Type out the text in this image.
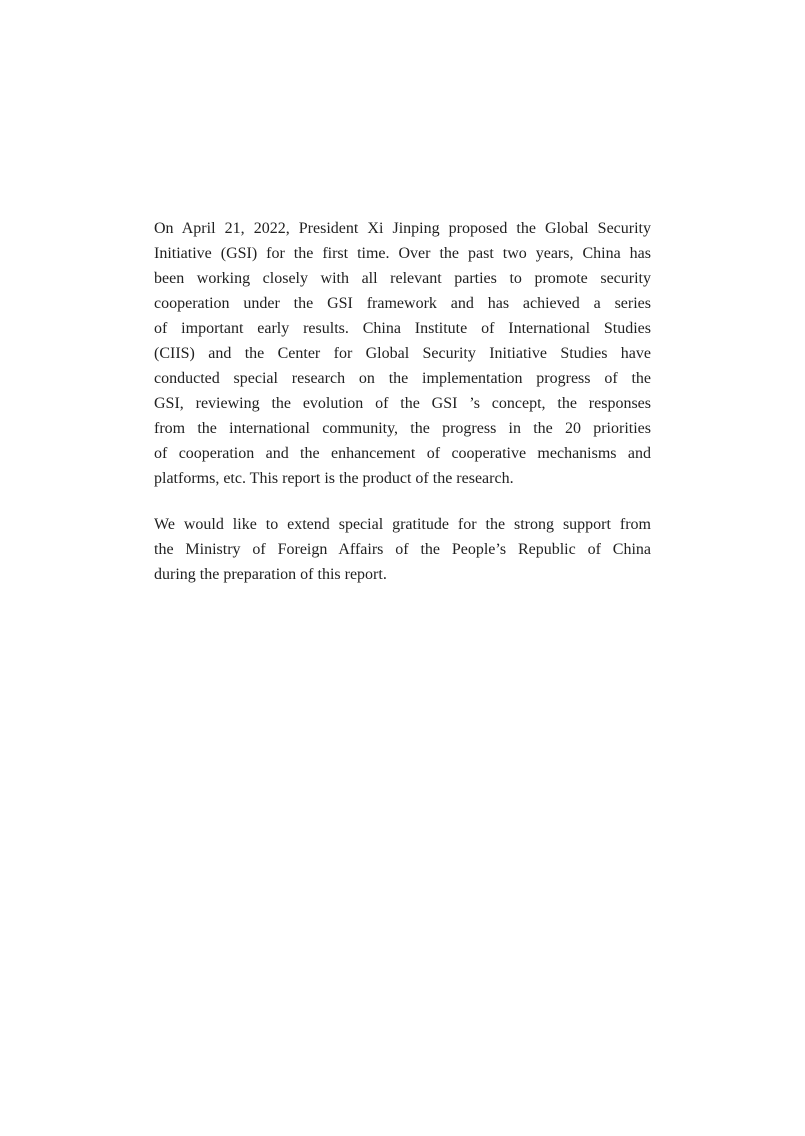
On April 21, 2022, President Xi Jinping proposed the Global Security
Initiative (GSI) for the first time. Over the past two years, China has
been working closely with all relevant parties to promote security
cooperation under the GSI framework and has achieved a series
of important early results. China Institute of International Studies
(CIIS) and the Center for Global Security Initiative Studies have
conducted special research on the implementation progress of the
GSI, reviewing the evolution of the GSI ’s concept, the responses
from the international community, the progress in the 20 priorities
of cooperation and the enhancement of cooperative mechanisms and
platforms, etc. This report is the product of the research.
We would like to extend special gratitude for the strong support from
the Ministry of Foreign Affairs of the People’s Republic of China
during the preparation of this report.
